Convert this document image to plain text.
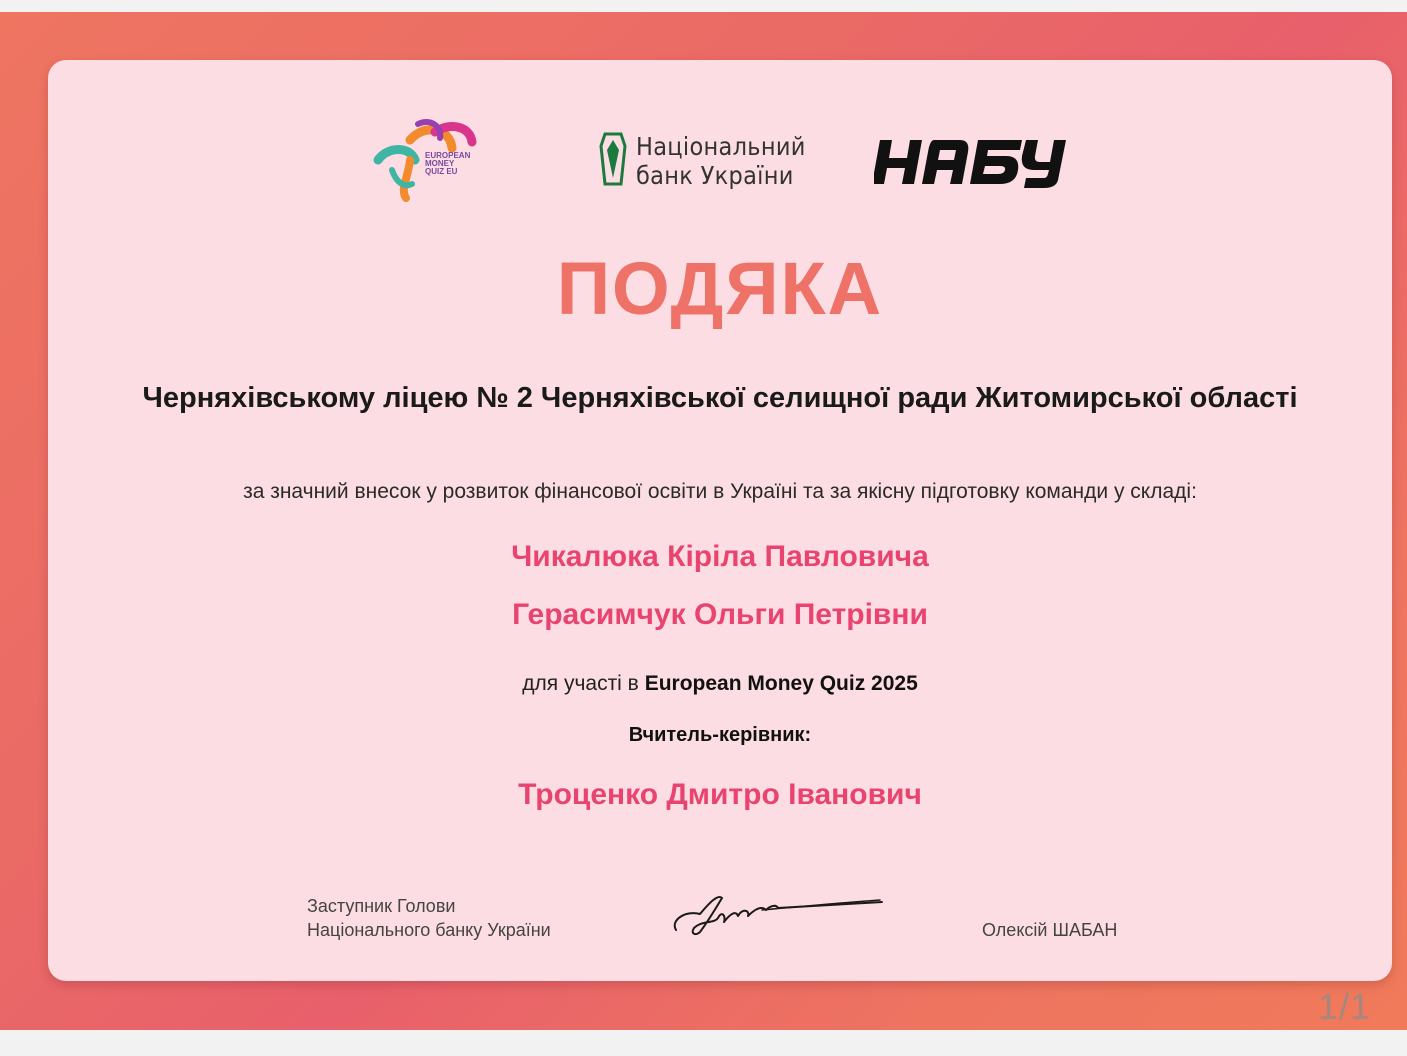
EUROPEAN
MONEY
QUIZ EU
Національний
банк України
ПОДЯКА
Черняхівському ліцею № 2 Черняхівської селищної ради Житомирської області
за значний внесок у розвиток фінансової освіти в Україні та за якісну підготовку команди у складі:
Чикалюка Кіріла Павловича
Герасимчук Ольги Петрівни
для участі в European Money Quiz 2025
Вчитель-керівник:
Троценко Дмитро Іванович
Заступник Голови
Національного банку України	Олексій ШАБАН
1/1
